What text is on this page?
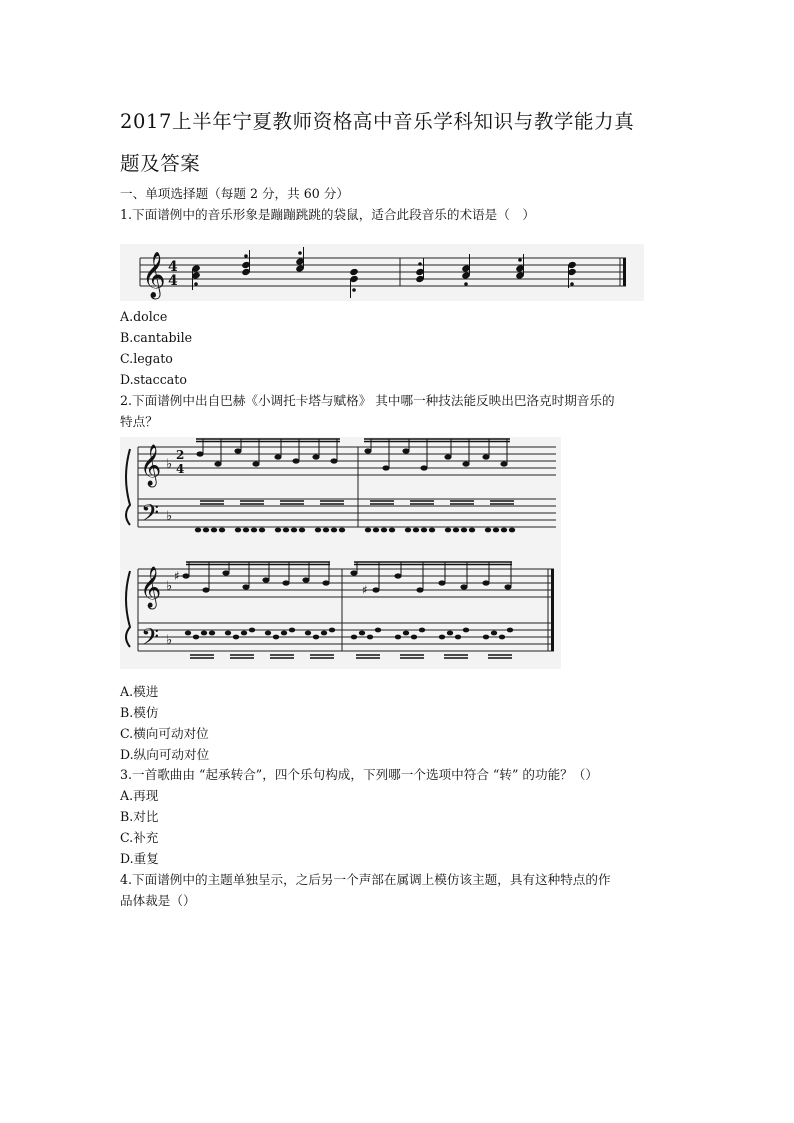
2017上半年宁夏教师资格高中音乐学科知识与教学能力真
题及答案
一、单项选择题（每题 2 分，共 60 分）
1.下面谱例中的音乐形象是蹦蹦跳跳的袋鼠，适合此段音乐的术语是（　）
𝄞 4
4
A.dolce
B.cantabile
C.legato
D.staccato
2.下面谱例中出自巴赫《小调托卡塔与赋格》 其中哪一种技法能反映出巴洛克时期音乐的
特点？
𝄞
𝄢
♭
♭
2
4
𝄞
𝄢
♭
♭
♯
♯
A.模进
B.模仿
C.横向可动对位
D.纵向可动对位
3.一首歌曲由 “起承转合”，四个乐句构成，下列哪一个选项中符合 “转” 的功能？（）
A.再现
B.对比
C.补充
D.重复
4.下面谱例中的主题单独呈示，之后另一个声部在属调上模仿该主题，具有这种特点的作
品体裁是（）
